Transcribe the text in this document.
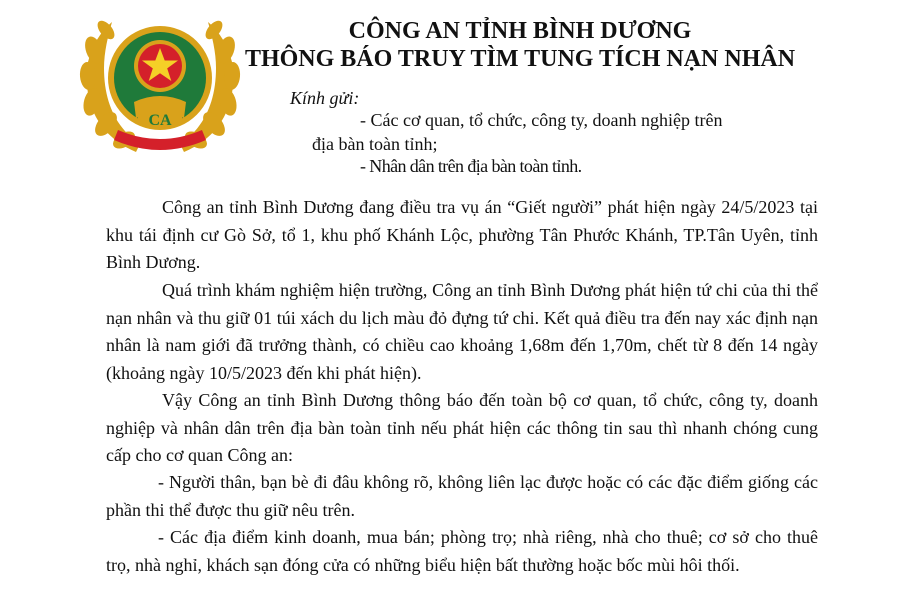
CA
CÔNG AN TỈNH BÌNH DƯƠNG
THÔNG BÁO TRUY TÌM TUNG TÍCH NẠN NHÂN
Kính gửi:
- Các cơ quan, tổ chức, công ty, doanh nghiệp trên
địa bàn toàn tỉnh;
- Nhân dân trên địa bàn toàn tỉnh.

Công an tỉnh Bình Dương đang điều tra vụ án “Giết người” phát hiện ngày 24/5/2023 tại khu tái định cư Gò Sở, tổ 1, khu phố Khánh Lộc, phường Tân Phước Khánh, TP.Tân Uyên, tỉnh Bình Dương.

Quá trình khám nghiệm hiện trường, Công an tỉnh Bình Dương phát hiện tứ chi của thi thể nạn nhân và thu giữ 01 túi xách du lịch màu đỏ đựng tứ chi. Kết quả điều tra đến nay xác định nạn nhân là nam giới đã trưởng thành, có chiều cao khoảng 1,68m đến 1,70m, chết từ 8 đến 14 ngày (khoảng ngày 10/5/2023 đến khi phát hiện).

Vậy Công an tỉnh Bình Dương thông báo đến toàn bộ cơ quan, tổ chức, công ty, doanh nghiệp và nhân dân trên địa bàn toàn tỉnh nếu phát hiện các thông tin sau thì nhanh chóng cung cấp cho cơ quan Công an:

- Người thân, bạn bè đi đâu không rõ, không liên lạc được hoặc có các đặc điểm giống các phần thi thể được thu giữ nêu trên.

- Các địa điểm kinh doanh, mua bán; phòng trọ; nhà riêng, nhà cho thuê; cơ sở cho thuê trọ, nhà nghỉ, khách sạn đóng cửa có những biểu hiện bất thường hoặc bốc mùi hôi thối.
